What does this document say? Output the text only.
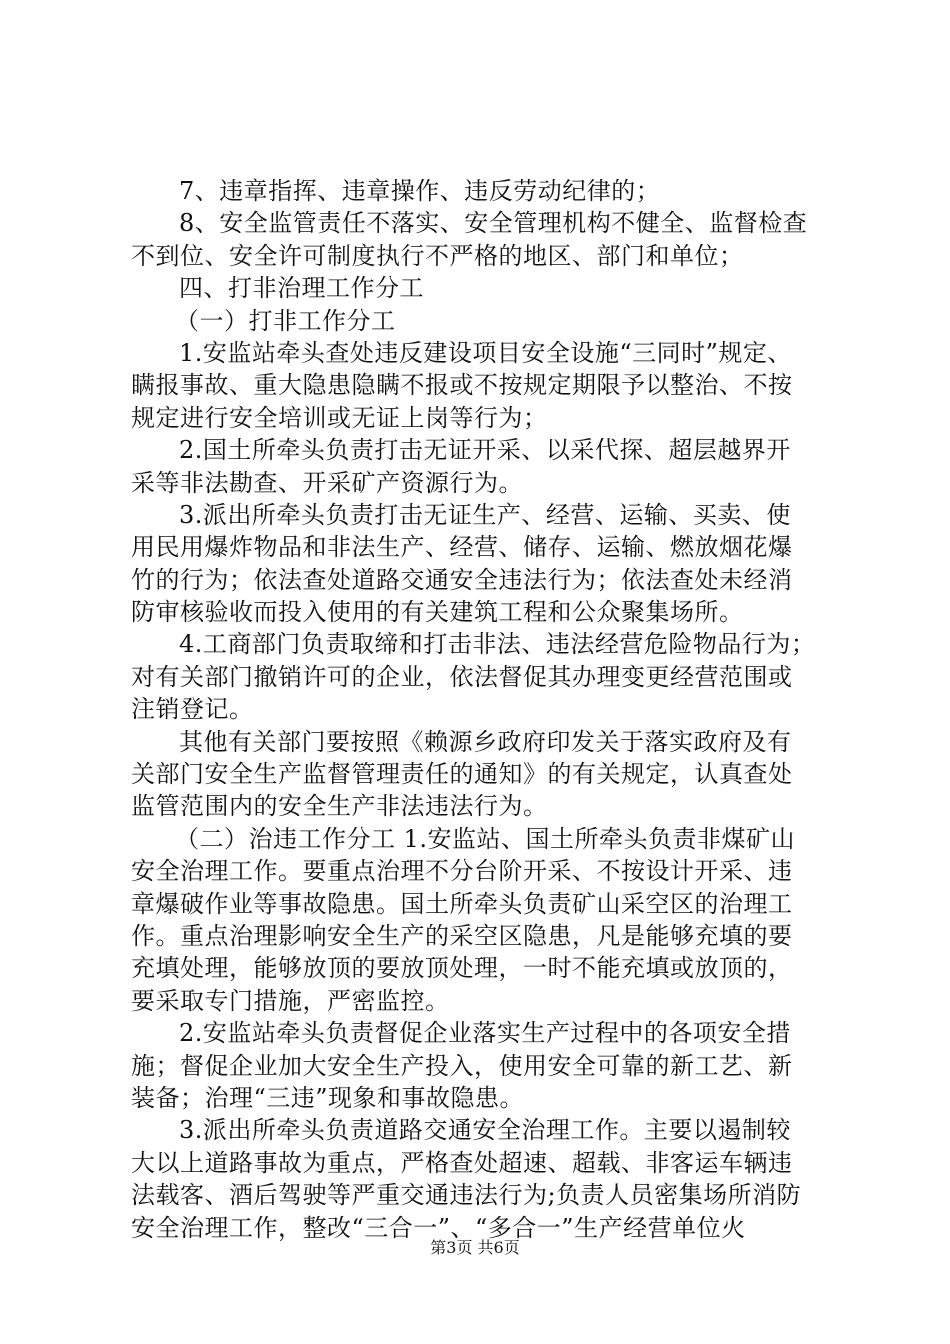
7、违章指挥、违章操作、违反劳动纪律的；
8、安全监管责任不落实、安全管理机构不健全、监督检查
不到位、安全许可制度执行不严格的地区、部门和单位；
四、打非治理工作分工
（一）打非工作分工
1.安监站牵头查处违反建设项目安全设施“三同时”规定、
瞒报事故、重大隐患隐瞒不报或不按规定期限予以整治、不按
规定进行安全培训或无证上岗等行为；
2.国土所牵头负责打击无证开采、以采代探、超层越界开
采等非法勘查、开采矿产资源行为。
3.派出所牵头负责打击无证生产、经营、运输、买卖、使
用民用爆炸物品和非法生产、经营、储存、运输、燃放烟花爆
竹的行为；依法查处道路交通安全违法行为；依法查处未经消
防审核验收而投入使用的有关建筑工程和公众聚集场所。
4.工商部门负责取缔和打击非法、违法经营危险物品行为；
对有关部门撤销许可的企业，依法督促其办理变更经营范围或
注销登记。
其他有关部门要按照《赖源乡政府印发关于落实政府及有
关部门安全生产监督管理责任的通知》的有关规定，认真查处
监管范围内的安全生产非法违法行为。
（二）治违工作分工 1.安监站、国土所牵头负责非煤矿山
安全治理工作。要重点治理不分台阶开采、不按设计开采、违
章爆破作业等事故隐患。国土所牵头负责矿山采空区的治理工
作。重点治理影响安全生产的采空区隐患，凡是能够充填的要
充填处理，能够放顶的要放顶处理，一时不能充填或放顶的，
要采取专门措施，严密监控。
2.安监站牵头负责督促企业落实生产过程中的各项安全措
施；督促企业加大安全生产投入，使用安全可靠的新工艺、新
装备；治理“三违”现象和事故隐患。
3.派出所牵头负责道路交通安全治理工作。主要以遏制较
大以上道路事故为重点，严格查处超速、超载、非客运车辆违
法载客、酒后驾驶等严重交通违法行为;负责人员密集场所消防
安全治理工作，整改“三合一”、“多合一”生产经营单位火
第3页 共6页
